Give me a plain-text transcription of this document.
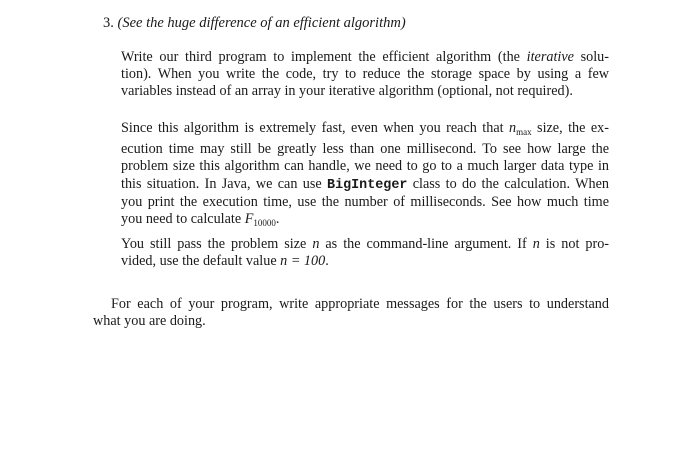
3. (See the huge difference of an efficient algorithm)
Write our third program to implement the efficient algorithm (the iterative solu-
tion). When you write the code, try to reduce the storage space by using a few
variables instead of an array in your iterative algorithm (optional, not required).
Since this algorithm is extremely fast, even when you reach that $n_{max}$ size, the ex-
ecution time may still be greatly less than one millisecond. To see how large the
problem size this algorithm can handle, we need to go to a much larger data type in
this situation. In Java, we can use BigInteger class to do the calculation. When
you print the execution time, use the number of milliseconds. See how much time
you need to calculate $F_{10000}$.
You still pass the problem size n as the command-line argument. If n is not pro-
vided, use the default value n = 100.
For each of your program, write appropriate messages for the users to understand
what you are doing.
